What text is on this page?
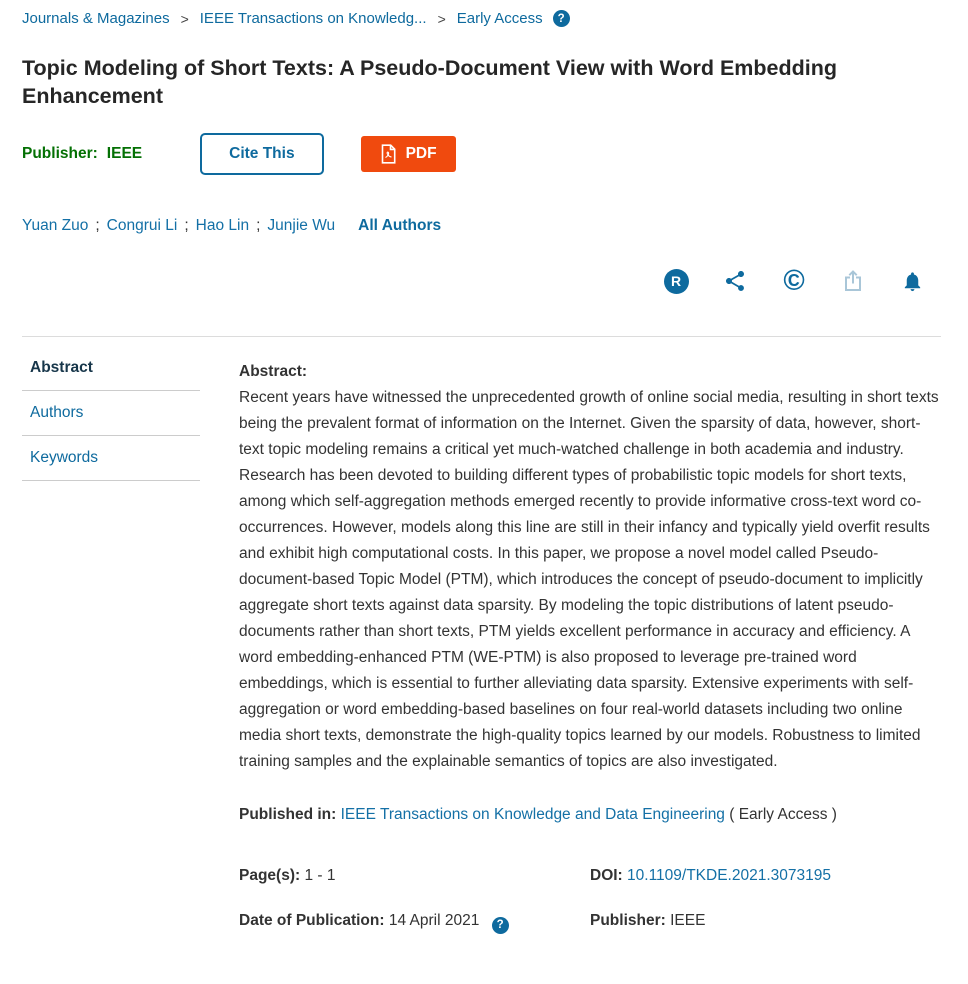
Journals & Magazines > IEEE Transactions on Knowledg... > Early Access	?
Topic Modeling of Short Texts: A Pseudo-Document View with Word Embedding Enhancement
Publisher: IEEE	Cite This	PDF
Yuan Zuo ; Congrui Li ; Hao Lin ; Junjie Wu All Authors
R	©
Abstract
Authors
Keywords
Abstract:

Recent years have witnessed the unprecedented growth of online social media, resulting in short texts being the prevalent format of information on the Internet. Given the sparsity of data, however, short-text topic modeling remains a critical yet much-watched challenge in both academia and industry. Research has been devoted to building different types of probabilistic topic models for short texts, among which self-aggregation methods emerged recently to provide informative cross-text word co-occurrences. However, models along this line are still in their infancy and typically yield overfit results and exhibit high computational costs. In this paper, we propose a novel model called Pseudo-document-based Topic Model (PTM), which introduces the concept of pseudo-document to implicitly aggregate short texts against data sparsity. By modeling the topic distributions of latent pseudo-documents rather than short texts, PTM yields excellent performance in accuracy and efficiency. A word embedding-enhanced PTM (WE-PTM) is also proposed to leverage pre-trained word embeddings, which is essential to further alleviating data sparsity. Extensive experiments with self-aggregation or word embedding-based baselines on four real-world datasets including two online media short texts, demonstrate the high-quality topics learned by our models. Robustness to limited training samples and the explainable semantics of topics are also investigated.

Published in: IEEE Transactions on Knowledge and Data Engineering ( Early Access )
Page(s): 1 - 1	DOI: 10.1109/TKDE.2021.3073195
Date of Publication: 14 April 2021 ?	Publisher: IEEE
